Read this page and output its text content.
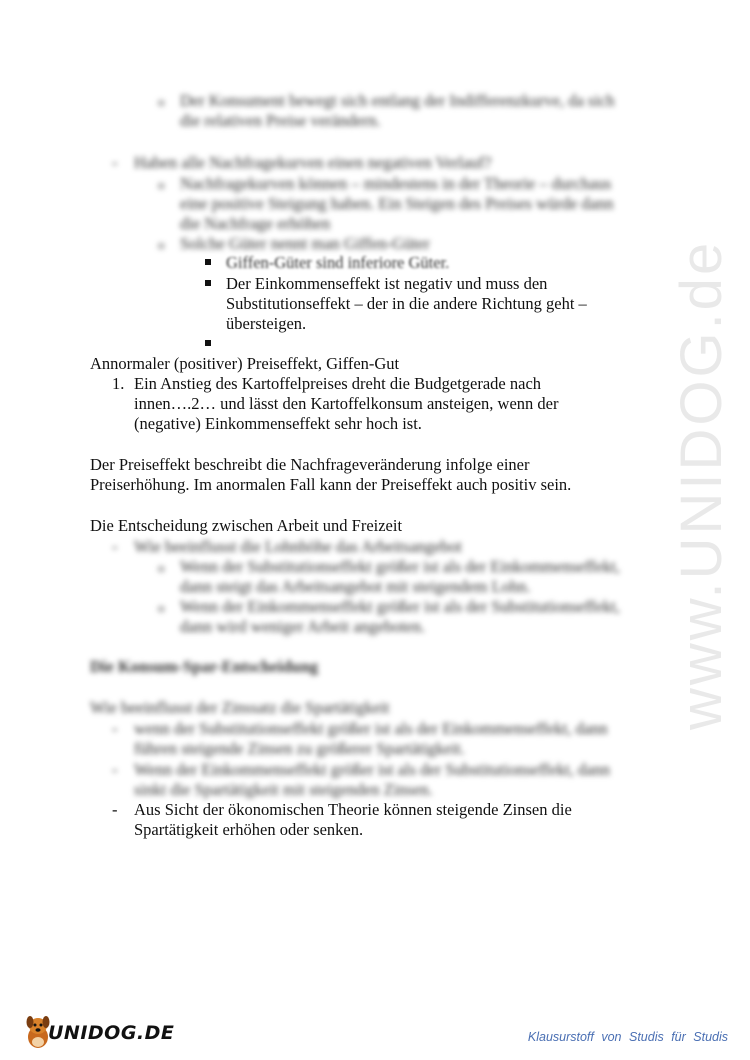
www.UNIDOG.de
o Der Konsument bewegt sich entlang der Indifferenzkurve, da sich
die relativen Preise verändern.
- Haben alle Nachfragekurven einen negativen Verlauf?
o Nachfragekurven können – mindestens in der Theorie – durchaus
eine positive Steigung haben. Ein Steigen des Preises würde dann
die Nachfrage erhöhen
o Solche Güter nennt man Giffen-Güter
Giffen-Güter sind inferiore Güter.
Der Einkommenseffekt ist negativ und muss den
Substitutionseffekt – der in die andere Richtung geht –
übersteigen.
Annormaler (positiver) Preiseffekt, Giffen-Gut
1. Ein Anstieg des Kartoffelpreises dreht die Budgetgerade nach
innen….2… und lässt den Kartoffelkonsum ansteigen, wenn der
(negative) Einkommenseffekt sehr hoch ist.
Der Preiseffekt beschreibt die Nachfrageveränderung infolge einer
Preiserhöhung. Im anormalen Fall kann der Preiseffekt auch positiv sein.
Die Entscheidung zwischen Arbeit und Freizeit
- Wie beeinflusst die Lohnhöhe das Arbeitsangebot
o Wenn der Substitutionseffekt größer ist als der Einkommenseffekt,
dann steigt das Arbeitsangebot mit steigendem Lohn.
o Wenn der Einkommenseffekt größer ist als der Substitutionseffekt,
dann wird weniger Arbeit angeboten.
Die Konsum-Spar-Entscheidung
Wie beeinflusst der Zinssatz die Spartätigkeit
- wenn der Substitutionseffekt größer ist als der Einkommenseffekt, dann
führen steigende Zinsen zu größerer Spartätigkeit.
- Wenn der Einkommenseffekt größer ist als der Substitutionseffekt, dann
sinkt die Spartätigkeit mit steigenden Zinsen.
- Aus Sicht der ökonomischen Theorie können steigende Zinsen die
Spartätigkeit erhöhen oder senken.
UNIDOG.DE	Klausurstoff von Studis für Studis
